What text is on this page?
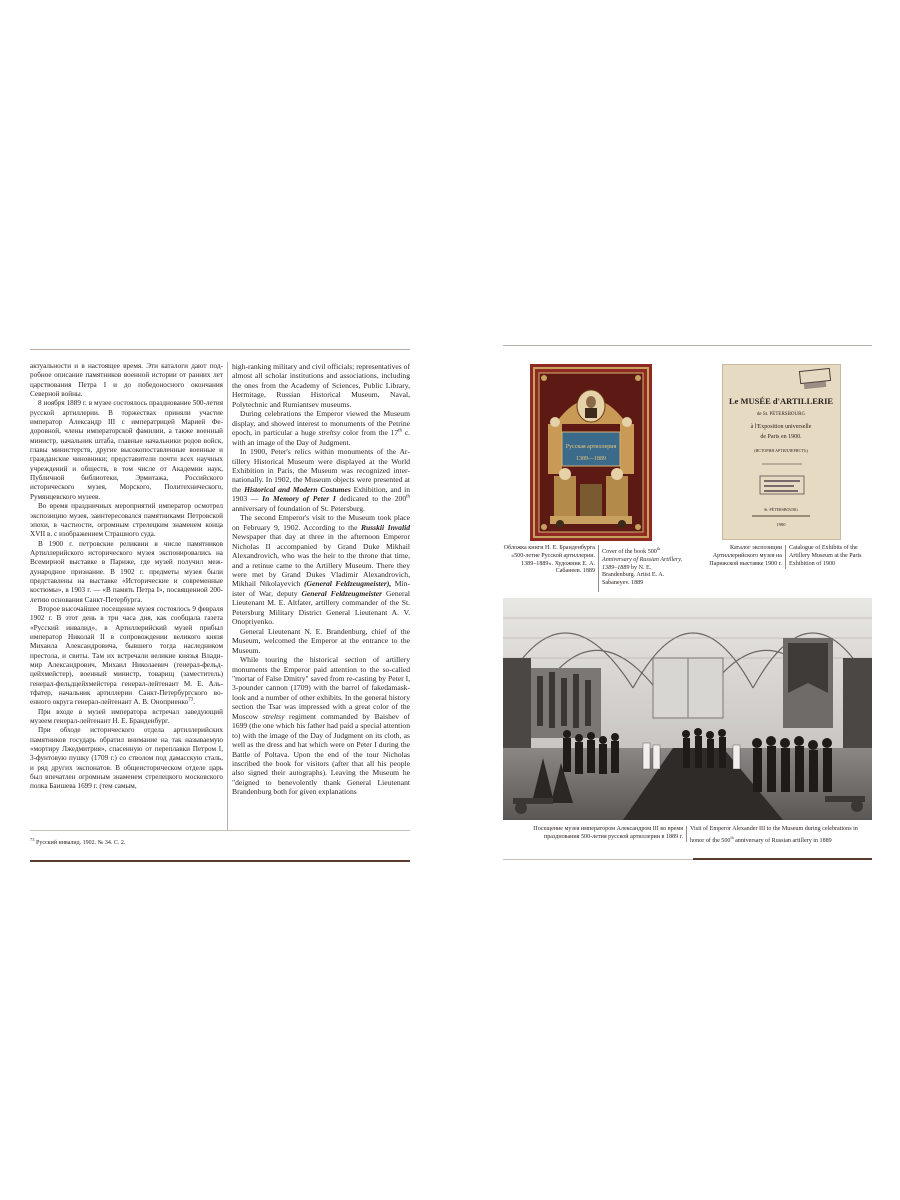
актуальности и в настоящее время. Эти каталоги дают подробное описание памятников военной истории от ранних лет царствования Петра I и до победоносного окончания Северной войны.

8 ноября 1889 г. в музее состоялось празднование 500-летия русской артиллерии. В торжествах приняли участие император Александр III с императрицей Марией Федоровной, члены императорской фамилии, а также военный министр, начальник штаба, главные начальники родов войск, главы министерств, другие высокопоставленные военные и гражданские чиновники; представители почти всех научных учреждений и обществ, в том числе от Академии наук, Публичной библиотеки, Эрмитажа, Российского исторического музея, Морского, Политехнического, Румянцевского музеев.

Во время праздничных мероприятий император осмотрел экспозицию музея, заинтересовался памятниками Петровской эпохи, в частности, огромным стрелецким знаменем конца XVII в. с изображением Страшного суда.

В 1900 г. петровские реликвии в числе памятников Артиллерийского исторического музея экспонировались на Всемирной выставке в Париже, где музей получил международное признание. В 1902 г. предметы музея были представлены на выставке «Исторические и современные костюмы», в 1903 г. — «В память Петра I», посвященной 200-летию основания Санкт-Петербурга.

Второе высочайшее посещение музея состоялось 9 февраля 1902 г. В этот день в три часа дня, как сообщала газета «Русский инвалид», в Артиллерийский музей прибыл император Николай II в сопровождении великого князя Михаила Александровича, бывшего тогда наследником престола, и свиты. Там их встречали великие князья Владимир Александрович, Михаил Николаевич (генерал-фельдцейхмейстер), военный министр, товарищ (заместитель) генерал-фельдцейхмейстера генерал-лейтенант М. Е. Альтфатер, начальник артиллерии Санкт-Петербургского военного округа генерал-лейтенант А. В. Оноприенко$^{73}$.

При входе в музей императора встречал заведующий музеем генерал-лейтенант Н. Е. Бранденбург.

При обходе исторического отдела артиллерийских памятников государь обратил внимание на так называемую «мортиру Лжедмитрия», спасенную от переплавки Петром I, 3-фунтовую пушку (1709 г.) со стволом под дамасскую сталь, и ряд других экспонатов. В общеисторическом отделе царь был впечатлен огромным знаменем стрелецкого московского полка Баишева 1699 г. (тем самым,

high-ranking military and civil officials; representatives of almost all scholar institutions and associations, including the ones from the Academy of Sciences, Public Library, Hermitage, Russian Historical Museum, Naval, Polytechnic and Rumiantsev museums.

During celebrations the Emperor viewed the Museum display, and showed interest to monuments of the Petrine epoch, in particular a huge streltsy color from the 17th c. with an image of the Day of Judgment.

In 1900, Peter's relics within monuments of the Artillery Historical Museum were displayed at the World Exhibition in Paris, the Museum was recognized internationally. In 1902, the Museum objects were presented at the Historical and Modern Costumes Exhibition, and in 1903 — In Memory of Peter I dedicated to the 200th anniversary of foundation of St. Petersburg.

The second Emperor's visit to the Museum took place on February 9, 1902. According to the Russkii Invalid Newspaper that day at three in the afternoon Emperor Nicholas II accompanied by Grand Duke Mikhail Alexandrovich, who was the heir to the throne that time, and a retinue came to the Artillery Museum. There they were met by Grand Dukes Vladimir Alexandrovich, Mikhail Nikolayevich (General Feldzeugmeister), Minister of War, deputy General Feldzeugmeister General Lieutenant M. E. Altfater, artillery commander of the St. Petersburg Military District General Lieutenant A. V. Onopriyenko.

General Lieutenant N. E. Brandenburg, chief of the Museum, welcomed the Emperor at the entrance to the Museum.

While touring the historical section of artillery monuments the Emperor paid attention to the so-called "mortar of False Dmitry" saved from re-casting by Peter I, 3-pounder cannon (1709) with the barrel of fakedamask-look and a number of other exhibits. In the general history section the Tsar was impressed with a great color of the Moscow streltsy regiment commanded by Baishev of 1699 (the one which his father had paid a special attention to) with the image of the Day of Judgment on its cloth, as well as the dress and hat which were on Peter I during the Battle of Poltava. Upon the end of the tour Nicholas inscribed the book for visitors (after that all his people also signed their autographs). Leaving the Museum he "deigned to benevolently thank General Lieutenant Brandenburg both for given explanations

$^{73}$ Русский инвалид. 1902. № 34. С. 2.
Русская артиллерия
1389—1889
Le MUSÉE d'ARTILLERIE
de St. PÉTERSBOURG
à l'Exposition universelle
de Paris en 1900.
(ИСТОРИЯ АРТИЛЛЕРИСТЪ)
St. PÉTERSBOURG
1900
Обложка книги Н. Е. Бранденбурга «500-летие Русской артиллерии. 1389–1889». Художник Е. А. Сабанеев. 1889
Cover of the book 500th Anniversary of Russian Artillery. 1389–1889 by N. E. Brandenburg. Artist E. A. Sabaneyev. 1889
Каталог экспозиции Артиллерийского музея на Парижской выставке 1900 г.
Catalogue of Exhibits of the Artillery Museum at the Paris Exhibition of 1900
Посещение музея императором Александром III во время празднования 500-летия русской артиллерии в 1889 г.
Visit of Emperor Alexander III to the Museum during celebrations in honor of the 500th anniversary of Russian artillery in 1889
